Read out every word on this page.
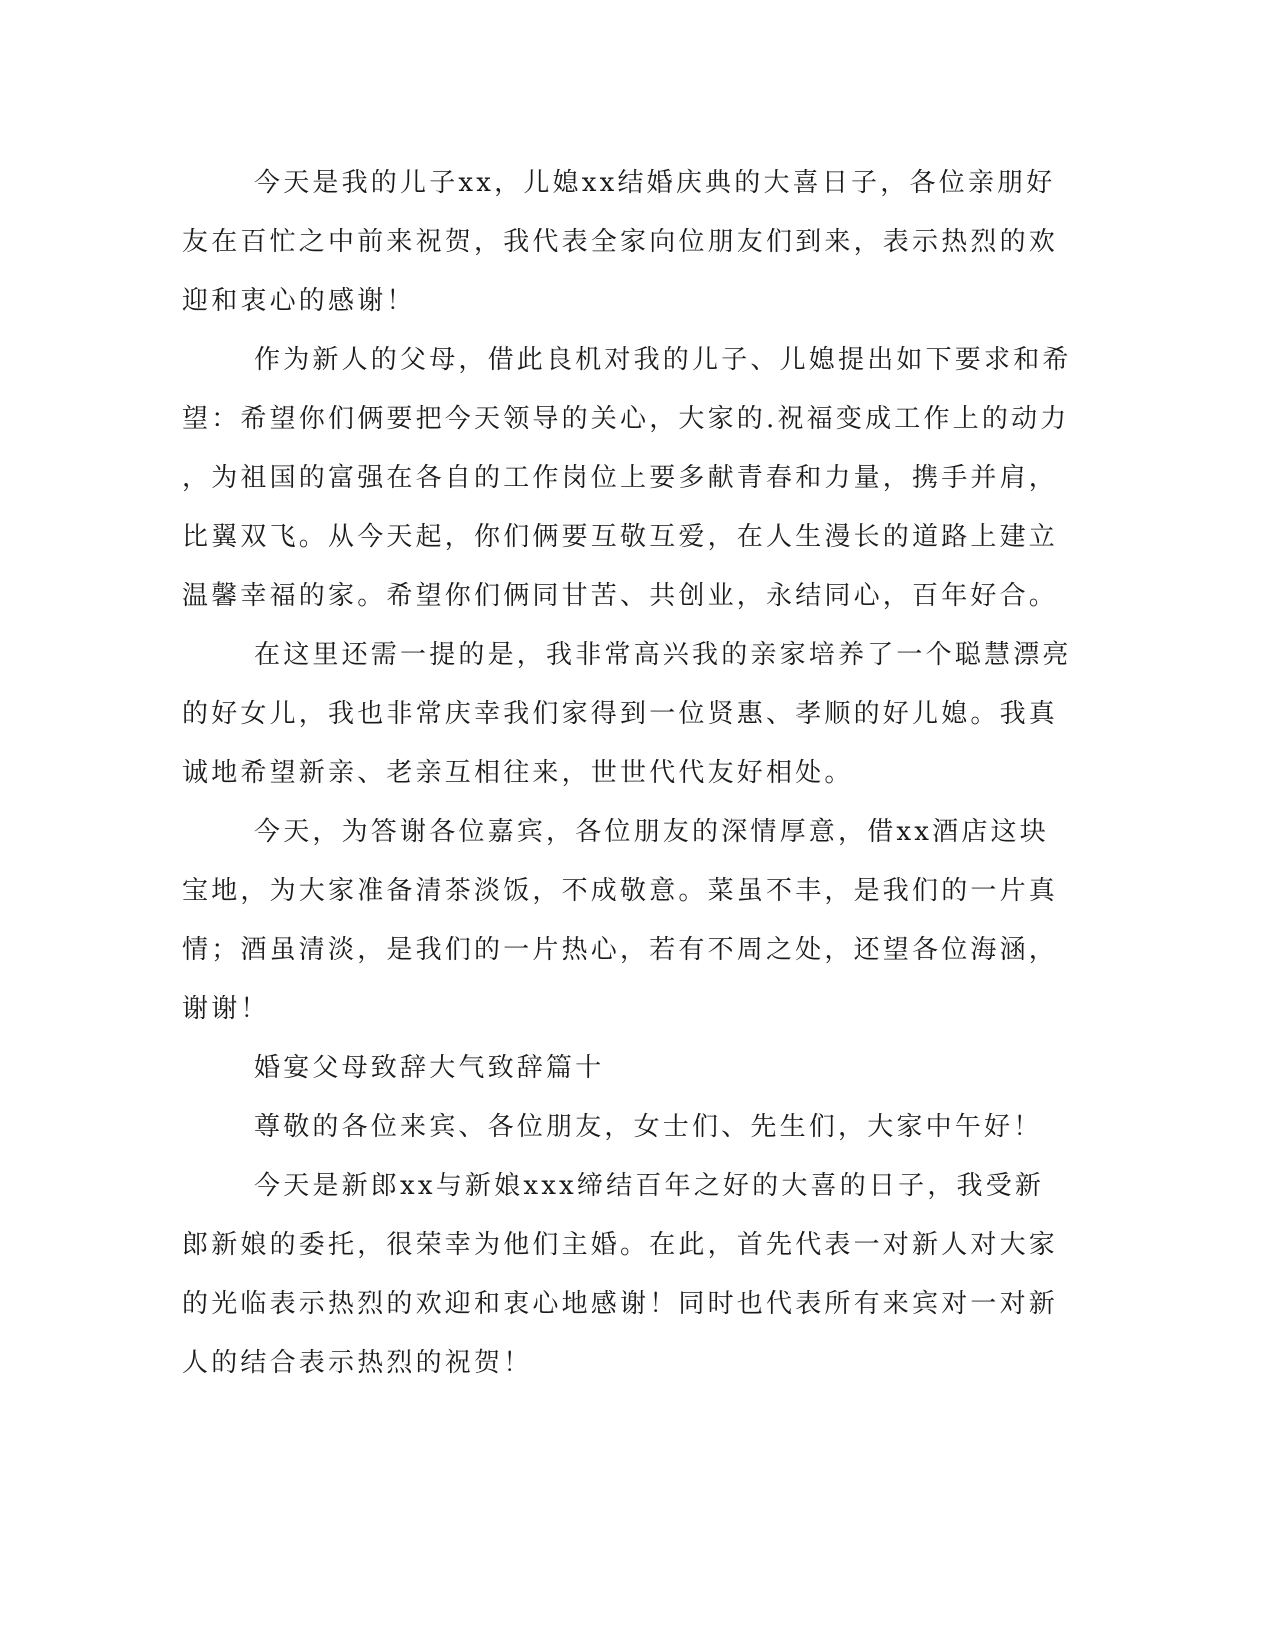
今天是我的儿子xx，儿媳xx结婚庆典的大喜日子，各位亲朋好
友在百忙之中前来祝贺，我代表全家向位朋友们到来，表示热烈的欢
迎和衷心的感谢！
作为新人的父母，借此良机对我的儿子、儿媳提出如下要求和希
望：希望你们俩要把今天领导的关心，大家的.祝福变成工作上的动力
，为祖国的富强在各自的工作岗位上要多献青春和力量，携手并肩，
比翼双飞。从今天起，你们俩要互敬互爱，在人生漫长的道路上建立
温馨幸福的家。希望你们俩同甘苦、共创业，永结同心，百年好合。
在这里还需一提的是，我非常高兴我的亲家培养了一个聪慧漂亮
的好女儿，我也非常庆幸我们家得到一位贤惠、孝顺的好儿媳。我真
诚地希望新亲、老亲互相往来，世世代代友好相处。
今天，为答谢各位嘉宾，各位朋友的深情厚意，借xx酒店这块
宝地，为大家准备清茶淡饭，不成敬意。菜虽不丰，是我们的一片真
情；酒虽清淡，是我们的一片热心，若有不周之处，还望各位海涵，
谢谢！
婚宴父母致辞大气致辞篇十
尊敬的各位来宾、各位朋友，女士们、先生们，大家中午好！
今天是新郎xx与新娘xxx缔结百年之好的大喜的日子，我受新
郎新娘的委托，很荣幸为他们主婚。在此，首先代表一对新人对大家
的光临表示热烈的欢迎和衷心地感谢！同时也代表所有来宾对一对新
人的结合表示热烈的祝贺！
